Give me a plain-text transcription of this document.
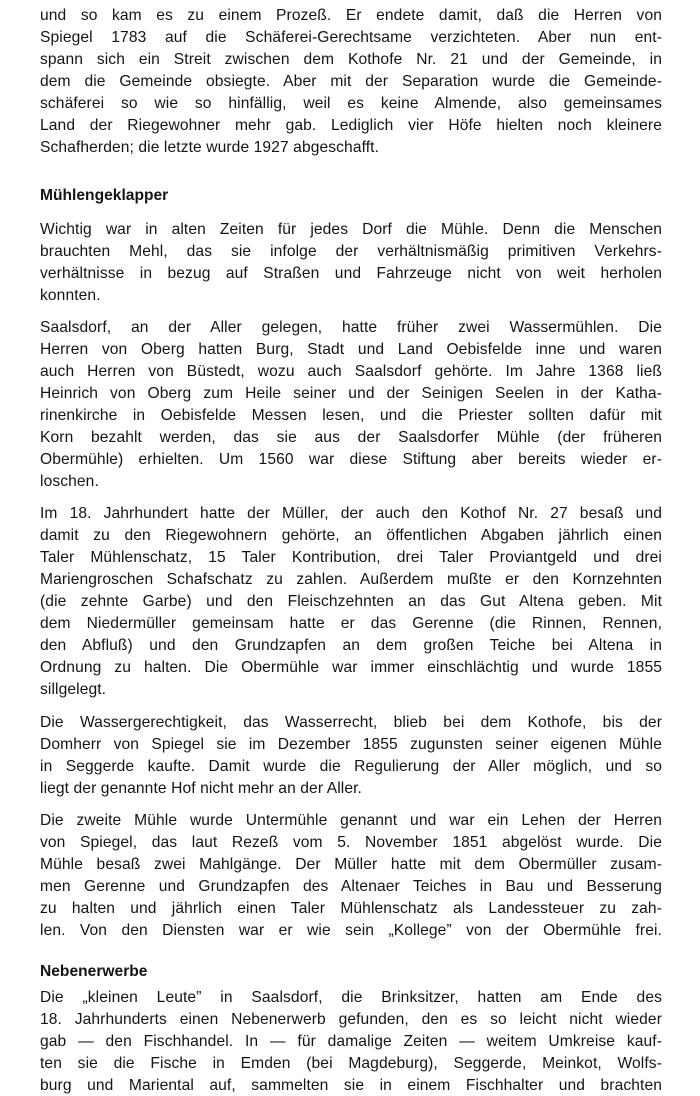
und so kam es zu einem Prozeß. Er endete damit, daß die Herren von
Spiegel 1783 auf die Schäferei-Gerechtsame verzichteten. Aber nun ent-
spann sich ein Streit zwischen dem Kothofe Nr. 21 und der Gemeinde, in
dem die Gemeinde obsiegte. Aber mit der Separation wurde die Gemeinde-
schäferei so wie so hinfällig, weil es keine Almende, also gemeinsames
Land der Riegewohner mehr gab. Lediglich vier Höfe hielten noch kleinere
Schafherden; die letzte wurde 1927 abgeschafft.
Mühlengeklapper
Wichtig war in alten Zeiten für jedes Dorf die Mühle. Denn die Menschen
brauchten Mehl, das sie infolge der verhältnismäßig primitiven Verkehrs-
verhältnisse in bezug auf Straßen und Fahrzeuge nicht von weit herholen
konnten.
Saalsdorf, an der Aller gelegen, hatte früher zwei Wassermühlen. Die
Herren von Oberg hatten Burg, Stadt und Land Oebisfelde inne und waren
auch Herren von Büstedt, wozu auch Saalsdorf gehörte. Im Jahre 1368 ließ
Heinrich von Oberg zum Heile seiner und der Seinigen Seelen in der Katha-
rinenkirche in Oebisfelde Messen lesen, und die Priester sollten dafür mit
Korn bezahlt werden, das sie aus der Saalsdorfer Mühle (der früheren
Obermühle) erhielten. Um 1560 war diese Stiftung aber bereits wieder er-
loschen.
Im 18. Jahrhundert hatte der Müller, der auch den Kothof Nr. 27 besaß und
damit zu den Riegewohnern gehörte, an öffentlichen Abgaben jährlich einen
Taler Mühlenschatz, 15 Taler Kontribution, drei Taler Proviantgeld und drei
Mariengroschen Schafschatz zu zahlen. Außerdem mußte er den Kornzehnten
(die zehnte Garbe) und den Fleischzehnten an das Gut Altena geben. Mit
dem Niedermüller gemeinsam hatte er das Gerenne (die Rinnen, Rennen,
den Abfluß) und den Grundzapfen an dem großen Teiche bei Altena in
Ordnung zu halten. Die Obermühle war immer einschlächtig und wurde 1855
sillgelegt.
Die Wassergerechtigkeit, das Wasserrecht, blieb bei dem Kothofe, bis der
Domherr von Spiegel sie im Dezember 1855 zugunsten seiner eigenen Mühle
in Seggerde kaufte. Damit wurde die Regulierung der Aller möglich, und so
liegt der genannte Hof nicht mehr an der Aller.
Die zweite Mühle wurde Untermühle genannt und war ein Lehen der Herren
von Spiegel, das laut Rezeß vom 5. November 1851 abgelöst wurde. Die
Mühle besaß zwei Mahlgänge. Der Müller hatte mit dem Obermüller zusam-
men Gerenne und Grundzapfen des Altenaer Teiches in Bau und Besserung
zu halten und jährlich einen Taler Mühlenschatz als Landessteuer zu zah-
len. Von den Diensten war er wie sein „Kollege” von der Obermühle frei.
Nebenerwerbe
Die „kleinen Leute” in Saalsdorf, die Brinksitzer, hatten am Ende des
18. Jahrhunderts einen Nebenerwerb gefunden, den es so leicht nicht wieder
gab — den Fischhandel. In — für damalige Zeiten — weitem Umkreise kauf-
ten sie die Fische in Emden (bei Magdeburg), Seggerde, Meinkot, Wolfs-
burg und Mariental auf, sammelten sie in einem Fischhalter und brachten
